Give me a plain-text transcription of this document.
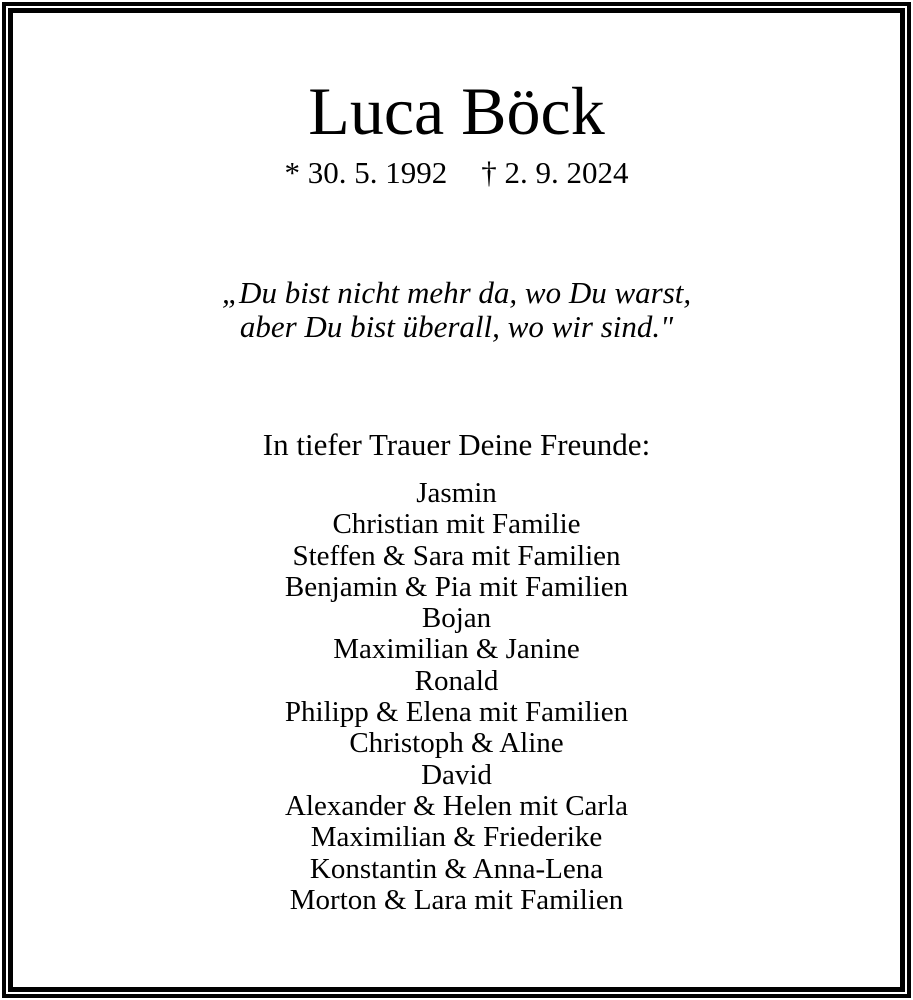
Luca Böck
* 30. 5. 1992 † 2. 9. 2024
„Du bist nicht mehr da, wo Du warst,
aber Du bist überall, wo wir sind."
In tiefer Trauer Deine Freunde:
Jasmin
Christian mit Familie
Steffen & Sara mit Familien
Benjamin & Pia mit Familien
Bojan
Maximilian & Janine
Ronald
Philipp & Elena mit Familien
Christoph & Aline
David
Alexander & Helen mit Carla
Maximilian & Friederike
Konstantin & Anna-Lena
Morton & Lara mit Familien
